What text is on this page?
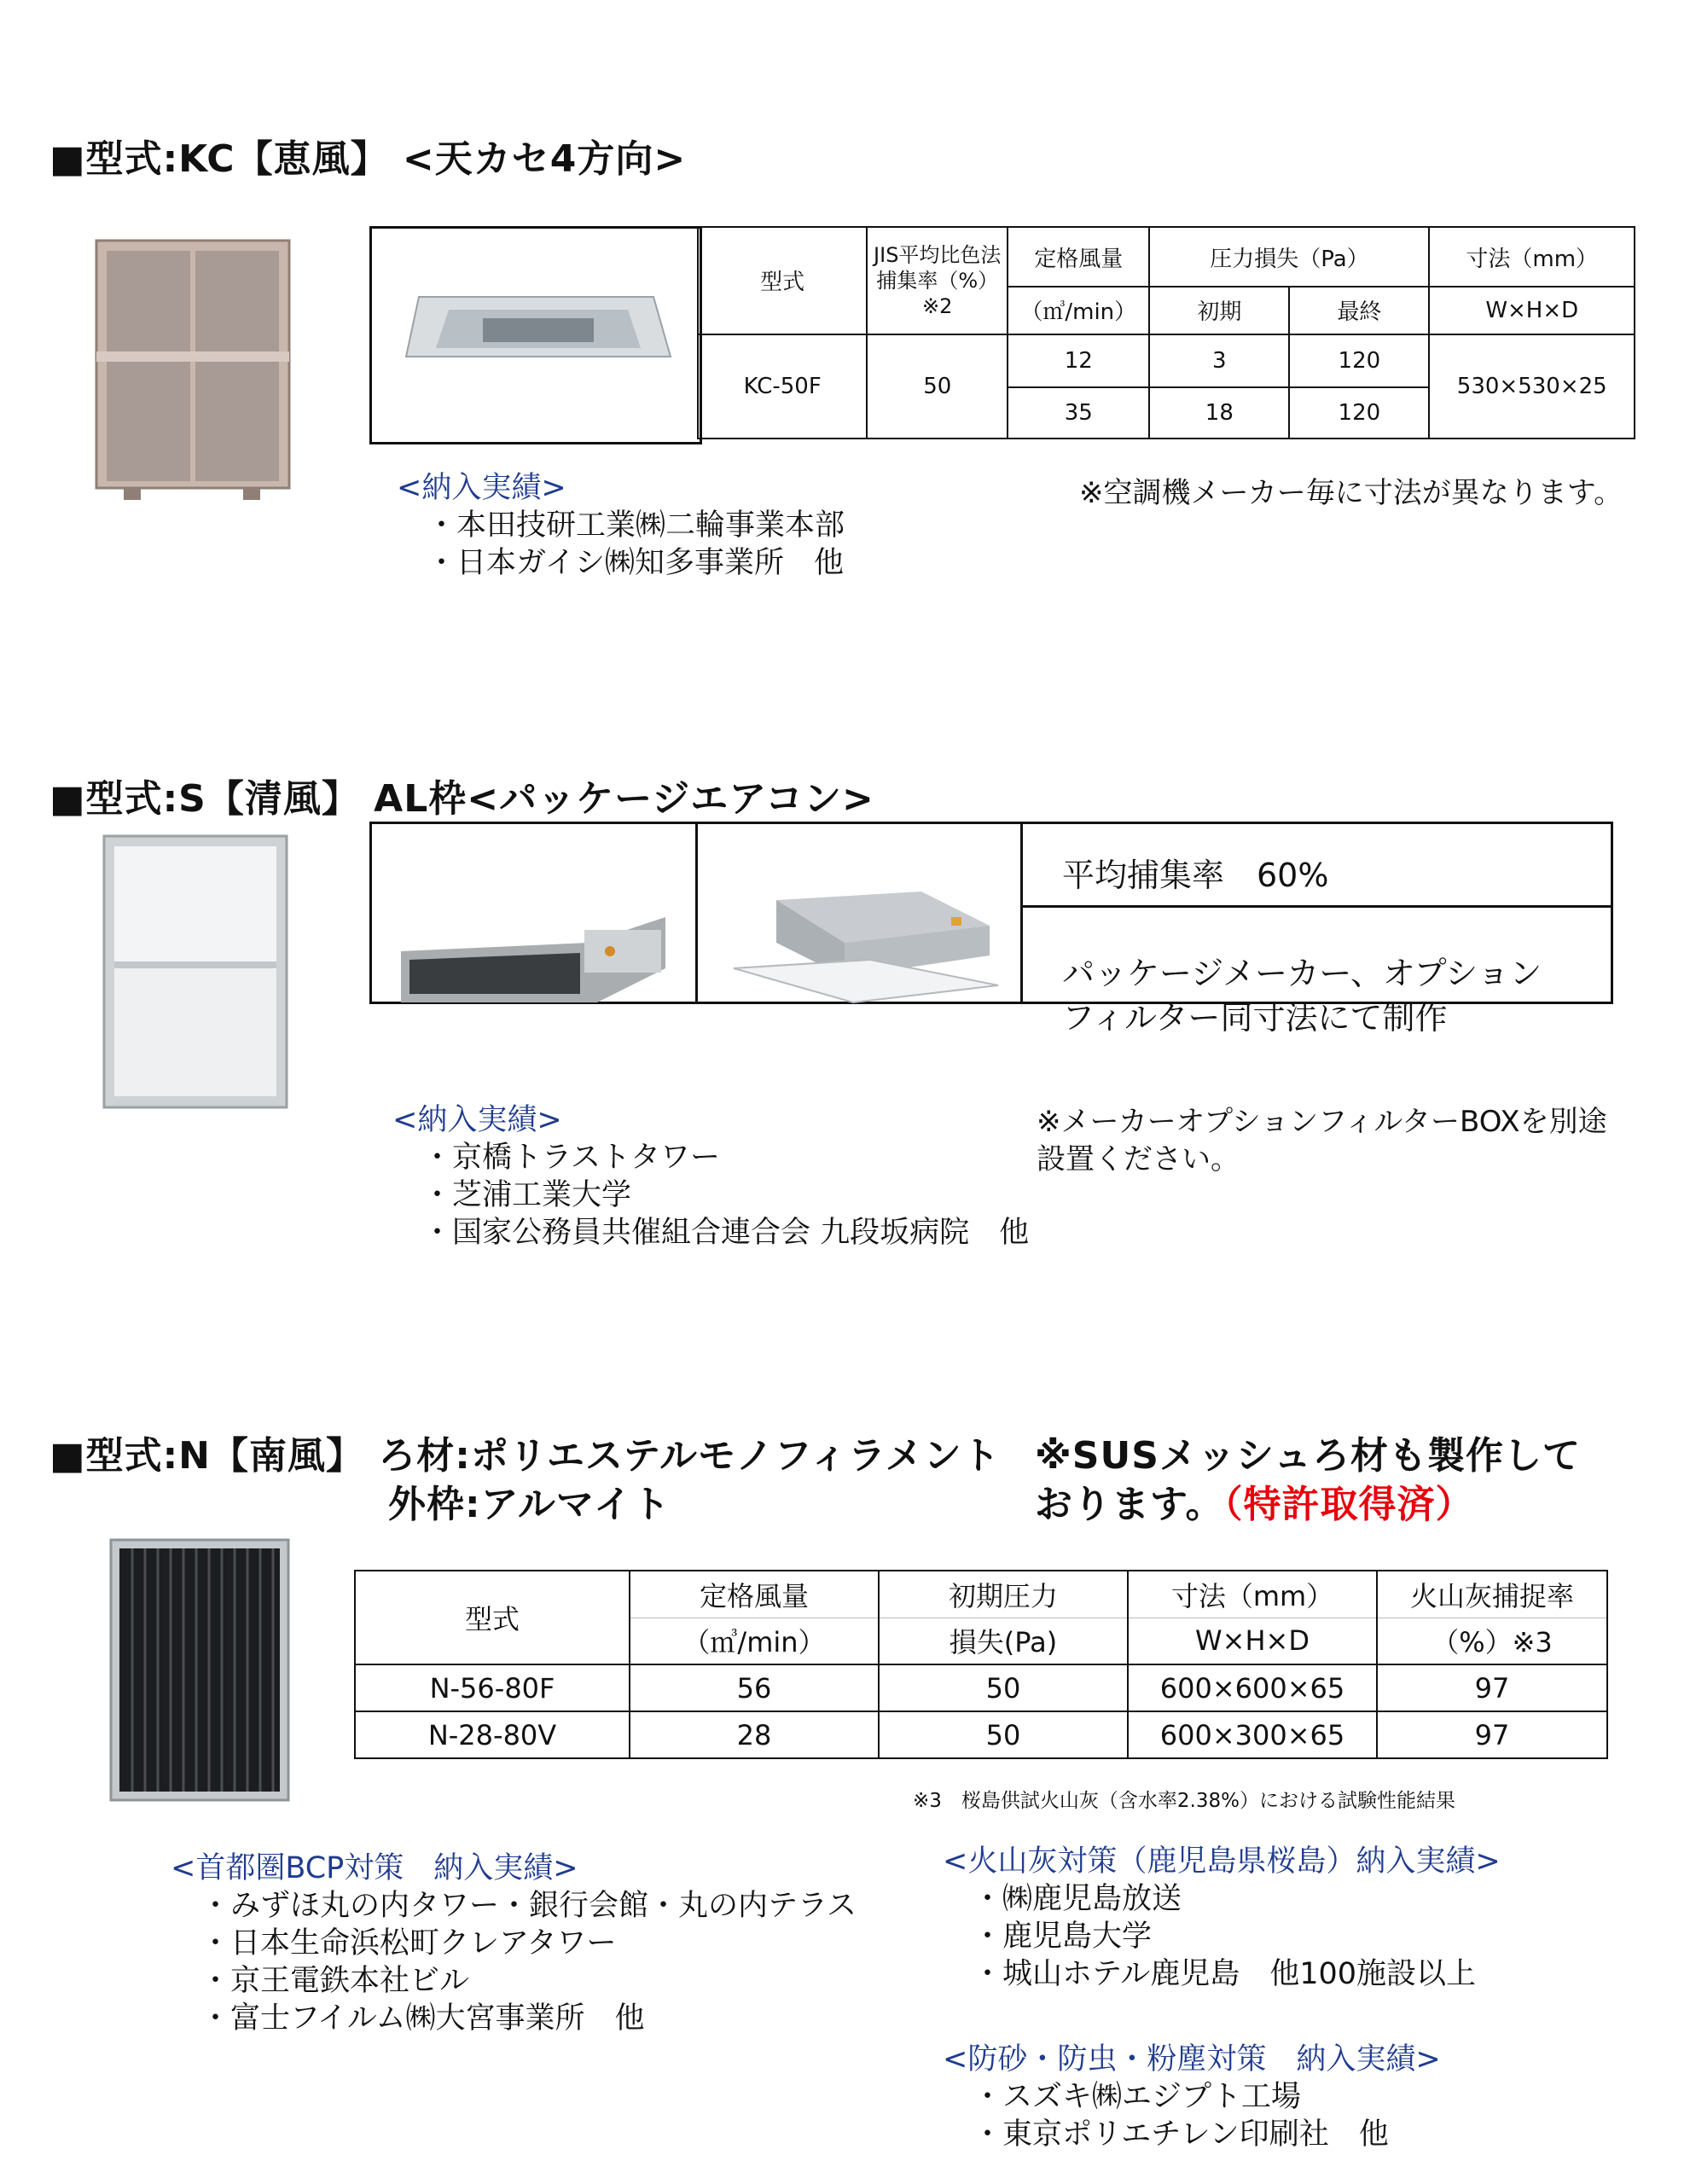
■型式:KC【恵風】 <天カセ4方向>
型式	JIS平均比色法捕集率（%）※2	定格風量	圧力損失（Pa）		寸法（mm）
		（㎥/min）	初期	最終	W×H×D
KC-50F	50	12	3	120	530×530×25
		35	18	120	
<納入実績>
・本田技研工業㈱二輪事業本部
・日本ガイシ㈱知多事業所　他
※空調機メーカー毎に寸法が異なります。
■型式:S【清風】 AL枠<パッケージエアコン>
平均捕集率　60%
パッケージメーカー、オプション
フィルター同寸法にて制作
<納入実績>
・京橋トラストタワー
・芝浦工業大学
・国家公務員共催組合連合会 九段坂病院　他
※メーカーオプションフィルターBOXを別途
設置ください。
■型式:N【南風】 ろ材:ポリエステルモノフィラメント
外枠:アルマイト
※SUSメッシュろ材も製作して
おります。（特許取得済）
型式	定格風量	初期圧力	寸法（mm）	火山灰捕捉率
	（㎥/min）	損失(Pa)	W×H×D	（%）※3
N-56-80F	56	50	600×600×65	97
N-28-80V	28	50	600×300×65	97
※3　桜島供試火山灰（含水率2.38%）における試験性能結果
<首都圏BCP対策　納入実績>
・みずほ丸の内タワー・銀行会館・丸の内テラス
・日本生命浜松町クレアタワー
・京王電鉄本社ビル
・富士フイルム㈱大宮事業所　他
<火山灰対策（鹿児島県桜島）納入実績>
・㈱鹿児島放送
・鹿児島大学
・城山ホテル鹿児島　他100施設以上
<防砂・防虫・粉塵対策　納入実績>
・スズキ㈱エジプト工場
・東京ポリエチレン印刷社　他
